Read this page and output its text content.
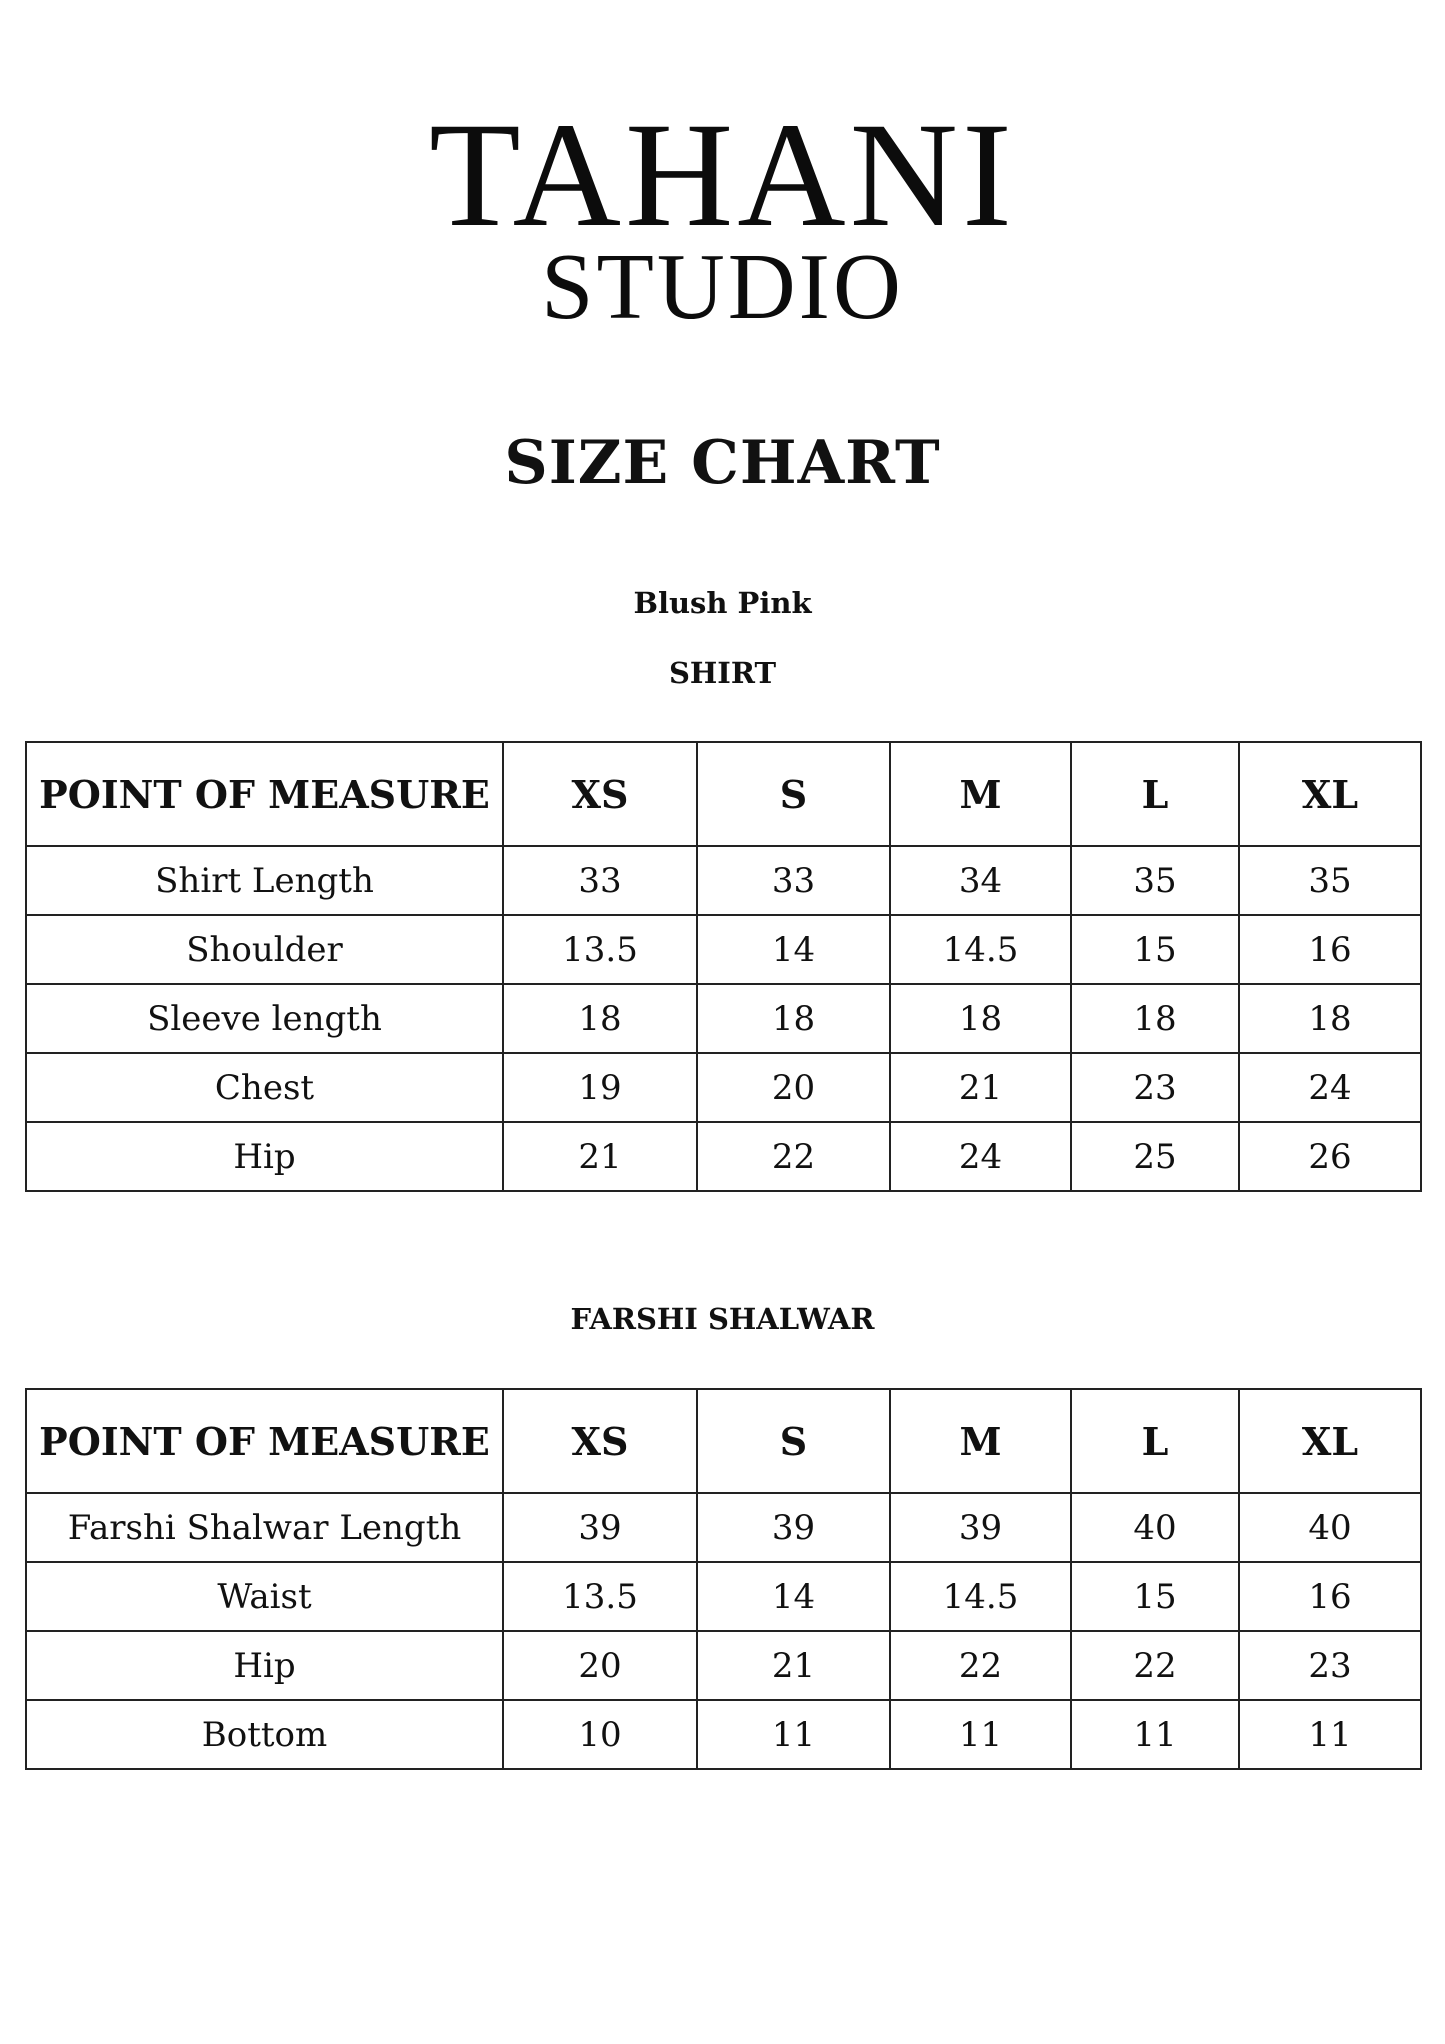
TAHANI
STUDIO
SIZE CHART
Blush Pink
SHIRT
POINT OF MEASURE	XS	S	M	L	XL
Shirt Length	33	33	34	35	35
Shoulder	13.5	14	14.5	15	16
Sleeve length	18	18	18	18	18
Chest	19	20	21	23	24
Hip	21	22	24	25	26
FARSHI SHALWAR
POINT OF MEASURE	XS	S	M	L	XL
Farshi Shalwar Length	39	39	39	40	40
Waist	13.5	14	14.5	15	16
Hip	20	21	22	22	23
Bottom	10	11	11	11	11
